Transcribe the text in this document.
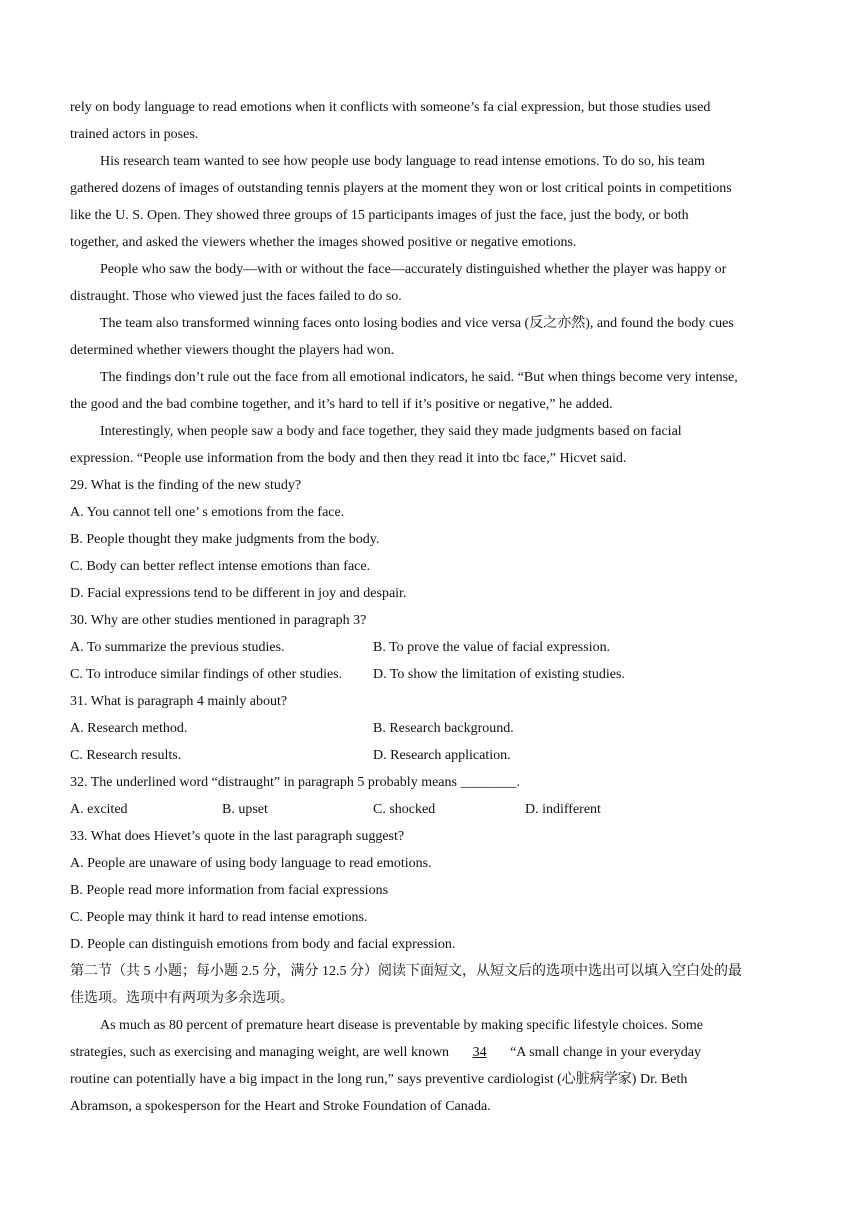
rely on body language to read emotions when it conflicts with someone’s fa cial expression, but those studies used
trained actors in poses.
His research team wanted to see how people use body language to read intense emotions. To do so, his team
gathered dozens of images of outstanding tennis players at the moment they won or lost critical points in competitions
like the U. S. Open. They showed three groups of 15 participants images of just the face, just the body, or both
together, and asked the viewers whether the images showed positive or negative emotions.
People who saw the body—with or without the face—accurately distinguished whether the player was happy or
distraught. Those who viewed just the faces failed to do so.
The team also transformed winning faces onto losing bodies and vice versa (反之亦然), and found the body cues
determined whether viewers thought the players had won.
The findings don’t rule out the face from all emotional indicators, he said. “But when things become very intense,
the good and the bad combine together, and it’s hard to tell if it’s positive or negative,” he added.
Interestingly, when people saw a body and face together, they said they made judgments based on facial
expression. “People use information from the body and then they read it into tbc face,” Hicvet said.
29. What is the finding of the new study?
A. You cannot tell one’ s emotions from the face.
B. People thought they make judgments from the body.
C. Body can better reflect intense emotions than face.
D. Facial expressions tend to be different in joy and despair.
30. Why are other studies mentioned in paragraph 3?
A. To summarize the previous studies.	B. To prove the value of facial expression.
C. To introduce similar findings of other studies. D. To show the limitation of existing studies.
31. What is paragraph 4 mainly about?
A. Research method.	B. Research background.
C. Research results.	D. Research application.
32. The underlined word “distraught” in paragraph 5 probably means ________.
A. excited	B. upset	C. shocked	D. indifferent
33. What does Hievet’s quote in the last paragraph suggest?
A. People are unaware of using body language to read emotions.
B. People read more information from facial expressions
C. People may think it hard to read intense emotions.
D. People can distinguish emotions from body and facial expression.
第二节（共 5 小题；每小题 2.5 分，满分 12.5 分）阅读下面短文，从短文后的选项中选出可以填入空白处的最
佳选项。选项中有两项为多余选项。
As much as 80 percent of premature heart disease is preventable by making specific lifestyle choices. Some
strategies, such as exercising and managing weight, are well known 34 “A small change in your everyday
routine can potentially have a big impact in the long run,” says preventive cardiologist (心脏病学家) Dr. Beth
Abramson, a spokesperson for the Heart and Stroke Foundation of Canada.
